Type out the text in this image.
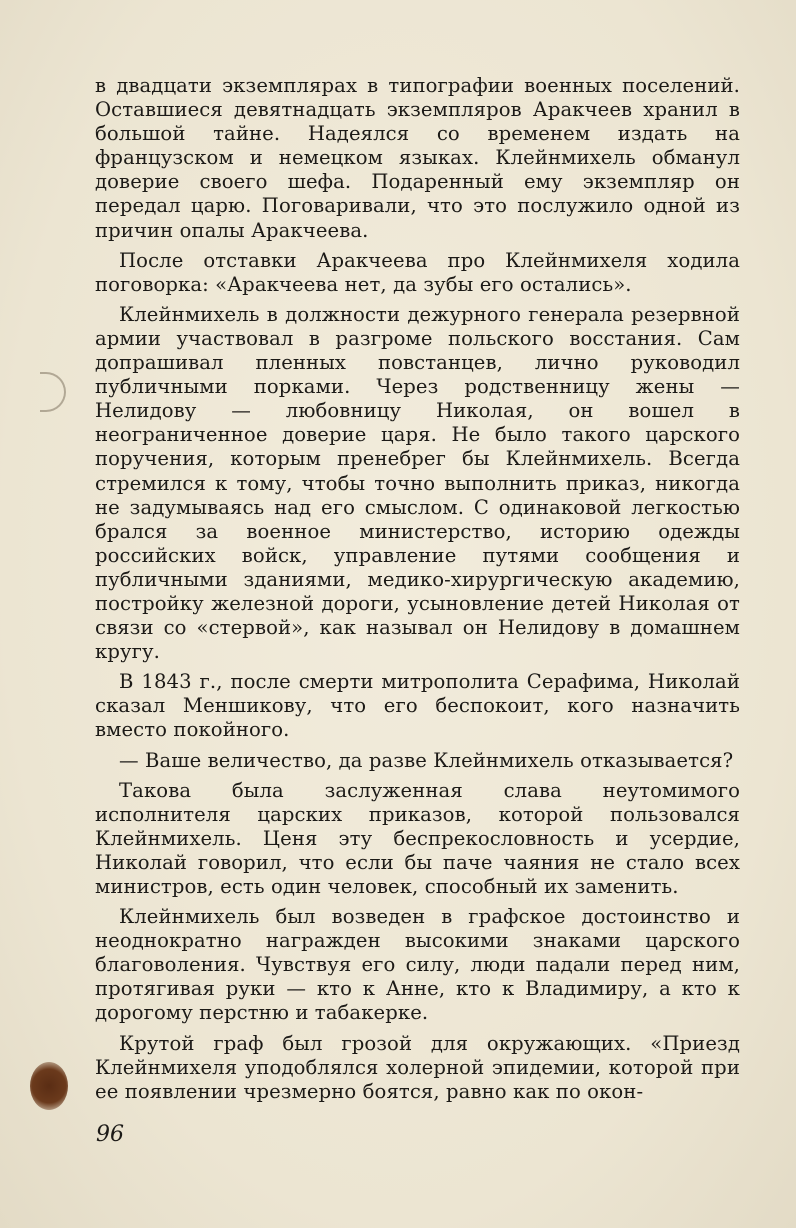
в двадцати экземплярах в типографии военных поселений. Оставшиеся девятнадцать экземпляров Аракчеев хранил в большой тайне. Надеялся со временем издать на французском и немецком языках. Клейнмихель обманул доверие своего шефа. Подаренный ему экземпляр он передал царю. Поговаривали, что это послужило одной из причин опалы Аракчеева.

После отставки Аракчеева про Клейнмихеля ходила поговорка: «Аракчеева нет, да зубы его остались».

Клейнмихель в должности дежурного генерала резервной армии участвовал в разгроме польского восстания. Сам допрашивал пленных повстанцев, лично руководил публичными порками. Через родственницу жены — Нелидову — любовницу Николая, он вошел в неограниченное доверие царя. Не было такого царского поручения, которым пренебрег бы Клейнмихель. Всегда стремился к тому, чтобы точно выполнить приказ, никогда не задумываясь над его смыслом. С одинаковой легкостью брался за военное министерство, историю одежды российских войск, управление путями сообщения и публичными зданиями, медико-хирургическую академию, постройку железной дороги, усыновление детей Николая от связи со «стервой», как называл он Нелидову в домашнем кругу.

В 1843 г., после смерти митрополита Серафима, Николай сказал Меншикову, что его беспокоит, кого назначить вместо покойного.

— Ваше величество, да разве Клейнмихель отказывается?

Такова была заслуженная слава неутомимого исполнителя царских приказов, которой пользовался Клейнмихель. Ценя эту беспрекословность и усердие, Николай говорил, что если бы паче чаяния не стало всех министров, есть один человек, способный их заменить.

Клейнмихель был возведен в графское достоинство и неоднократно награжден высокими знаками царского благоволения. Чувствуя его силу, люди падали перед ним, протягивая руки — кто к Анне, кто к Владимиру, а кто к дорогому перстню и табакерке.

Крутой граф был грозой для окружающих. «Приезд Клейнмихеля уподоблялся холерной эпидемии, которой при ее появлении чрезмерно боятся, равно как по окон-

96
